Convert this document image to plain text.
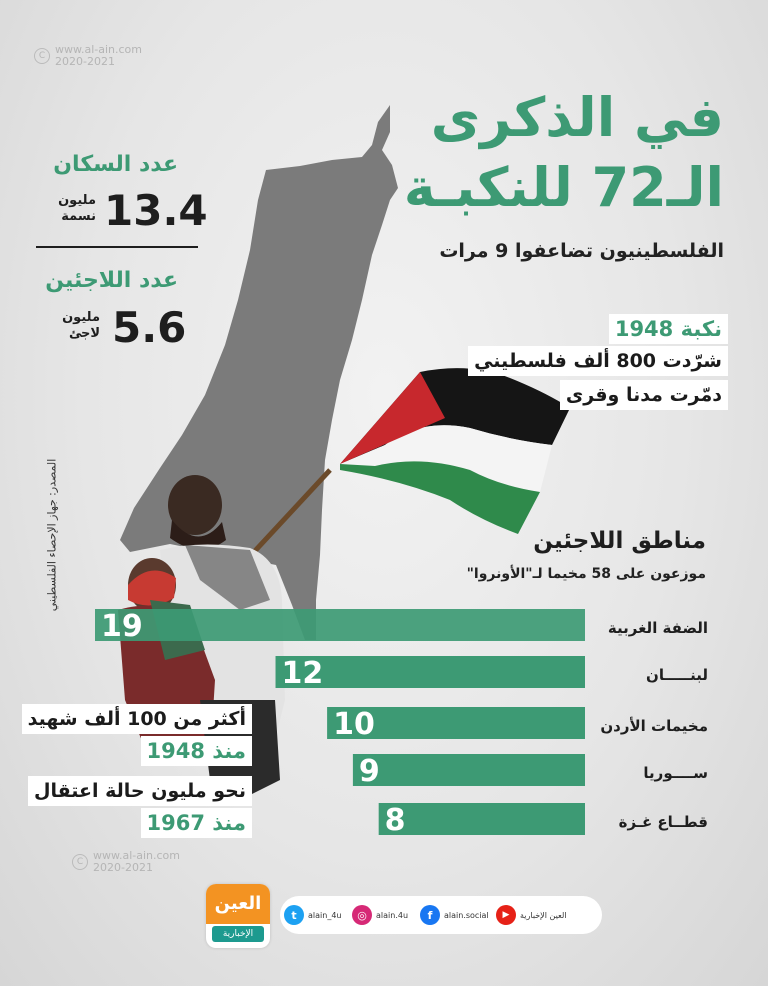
C www.al-ain.com
2020-2021
C www.al-ain.com
2020-2021
في الذكرى
الـ72 للنكبـة
الفلسطينيون تضاعفوا 9 مرات
عدد السكان
13.4
مليون
نسمة
عدد اللاجئين
5.6
مليون
لاجئ
المصدر: جهاز الإحصاء الفلسطيني
نكبة 1948
شرّدت 800 ألف فلسطيني
دمّرت مدنا وقرى
مناطق اللاجئين
موزعون على 58 مخيما لـ"الأونروا"
19	الضفة الغربية
12	لبنـــــان
10	مخيمات الأردن
9	ســــوريا
8	قطــاع غـزة
أكثر من 100 ألف شهيد
منذ 1948
نحو مليون حالة اعتقال
منذ 1967
العين
الإخبارية
t	alain_4u	◎	alain.4u	f	alain.social	▶	العين الإخبارية
